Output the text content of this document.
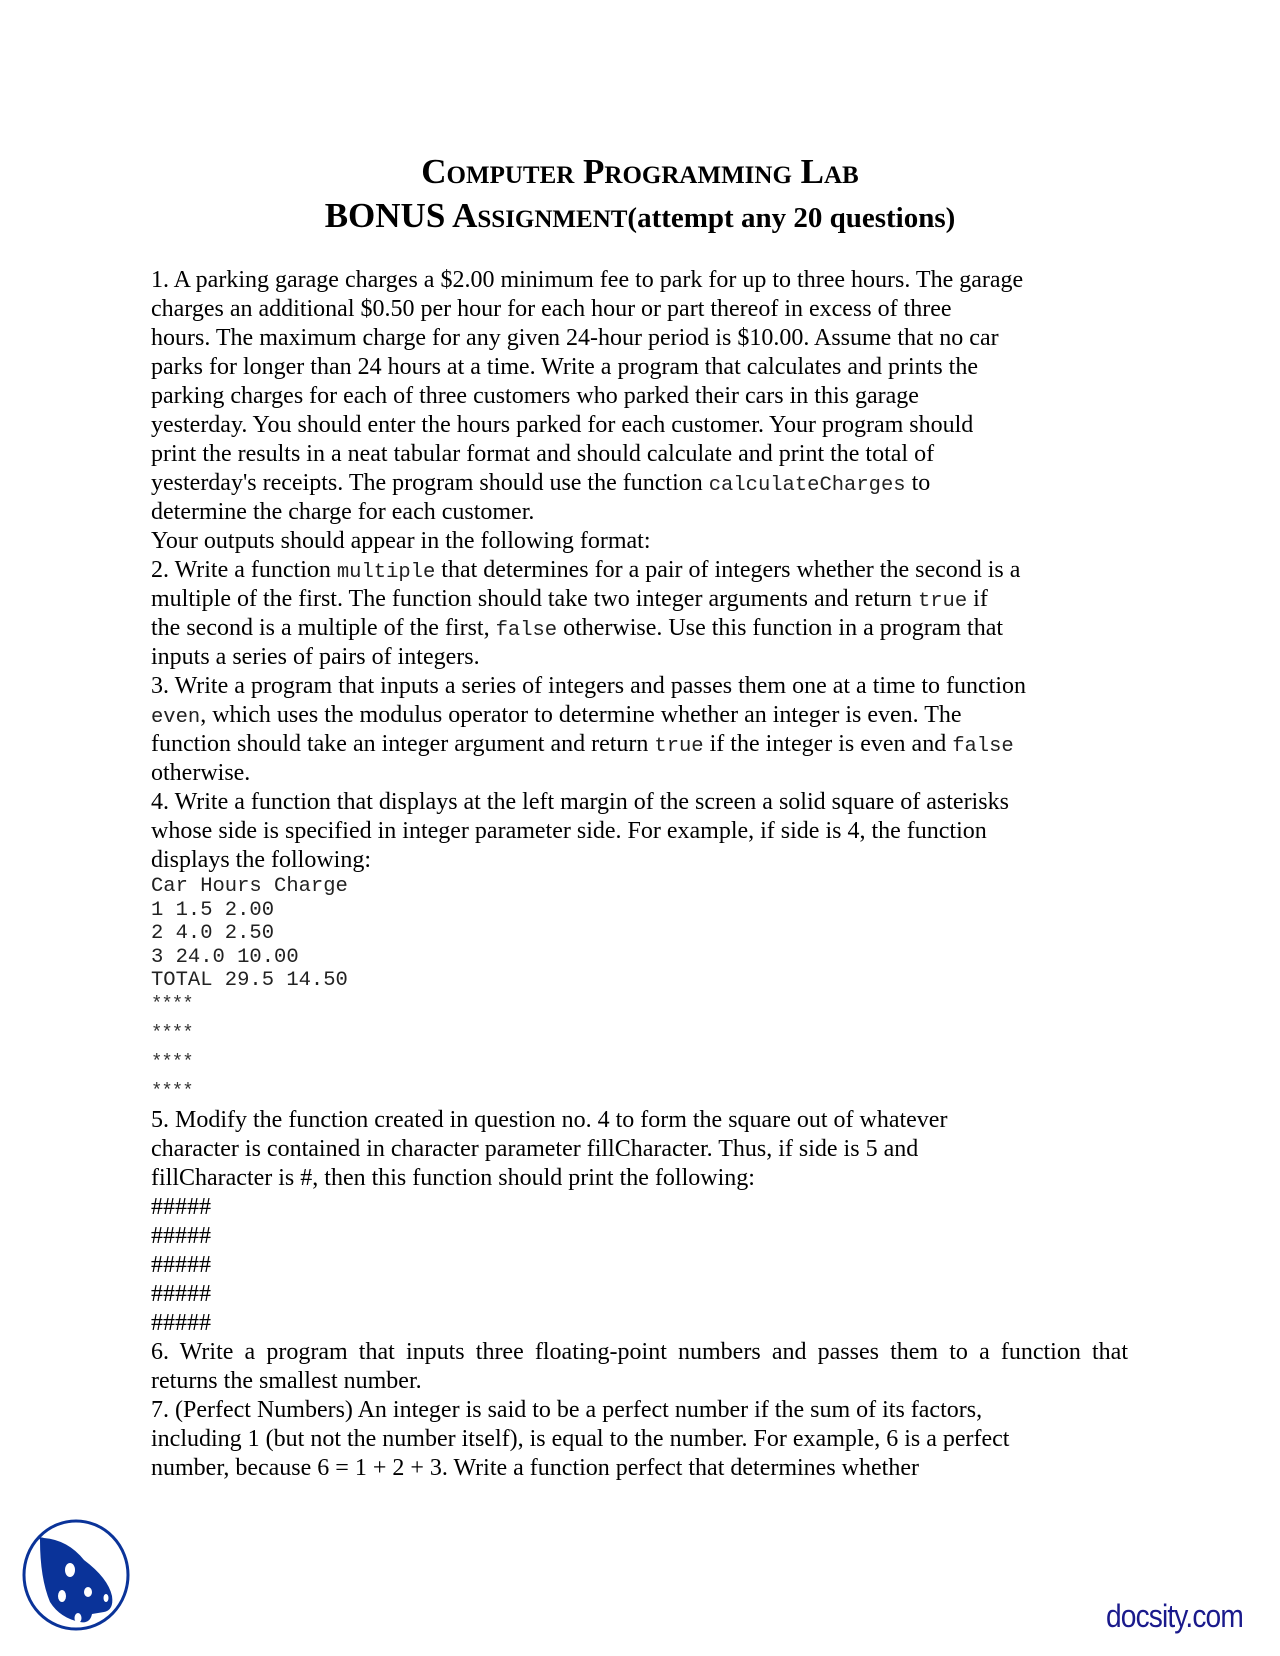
Computer Programming Lab
BONUS Assignment(attempt any 20 questions)
1. A parking garage charges a $2.00 minimum fee to park for up to three hours. The garage
charges an additional $0.50 per hour for each hour or part thereof in excess of three
hours. The maximum charge for any given 24-hour period is $10.00. Assume that no car
parks for longer than 24 hours at a time. Write a program that calculates and prints the
parking charges for each of three customers who parked their cars in this garage
yesterday. You should enter the hours parked for each customer. Your program should
print the results in a neat tabular format and should calculate and print the total of
yesterday's receipts. The program should use the function calculateCharges to
determine the charge for each customer.
Your outputs should appear in the following format:
2. Write a function multiple that determines for a pair of integers whether the second is a
multiple of the first. The function should take two integer arguments and return true if
the second is a multiple of the first, false otherwise. Use this function in a program that
inputs a series of pairs of integers.
3. Write a program that inputs a series of integers and passes them one at a time to function
even, which uses the modulus operator to determine whether an integer is even. The
function should take an integer argument and return true if the integer is even and false
otherwise.
4. Write a function that displays at the left margin of the screen a solid square of asterisks
whose side is specified in integer parameter side. For example, if side is 4, the function
displays the following:
Car Hours Charge
1 1.5 2.00
2 4.0 2.50
3 24.0 10.00
TOTAL 29.5 14.50
****
****
****
****
5. Modify the function created in question no. 4 to form the square out of whatever
character is contained in character parameter fillCharacter. Thus, if side is 5 and
fillCharacter is #, then this function should print the following:
#####
#####
#####
#####
#####
6. Write a program that inputs three floating-point numbers and passes them to a function that
returns the smallest number.
7. (Perfect Numbers) An integer is said to be a perfect number if the sum of its factors,
including 1 (but not the number itself), is equal to the number. For example, 6 is a perfect
number, because 6 = 1 + 2 + 3. Write a function perfect that determines whether
docsity.com
